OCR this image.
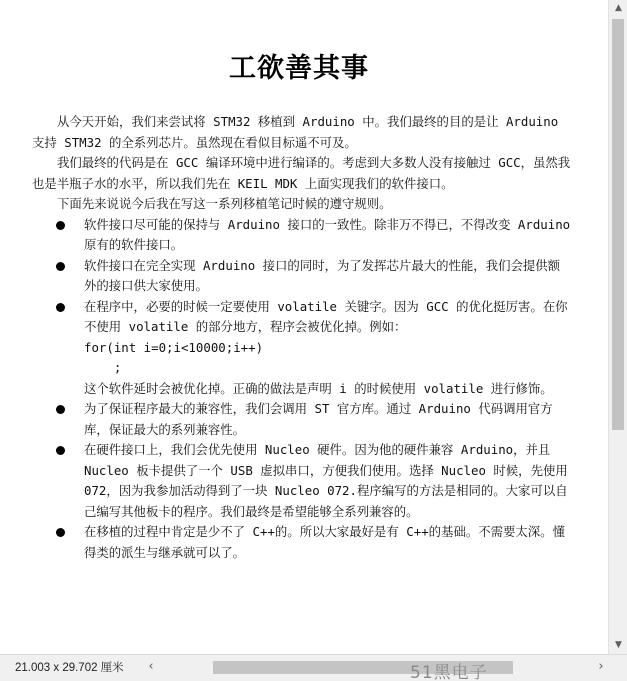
工欲善其事

从今天开始，我们来尝试将 STM32 移植到 Arduino 中。我们最终的目的是让 Arduino 支持 STM32 的全系列芯片。虽然现在看似目标遥不可及。

我们最终的代码是在 GCC 编译环境中进行编译的。考虑到大多数人没有接触过 GCC，虽然我也是半瓶子水的水平，所以我们先在 KEIL MDK 上面实现我们的软件接口。

下面先来说说今后我在写这一系列移植笔记时候的遵守规则。

软件接口尽可能的保持与 Arduino 接口的一致性。除非万不得已，不得改变 Arduino 原有的软件接口。
软件接口在完全实现 Arduino 接口的同时，为了发挥芯片最大的性能，我们会提供额外的接口供大家使用。
在程序中，必要的时候一定要使用 volatile 关键字。因为 GCC 的优化挺厉害。在你不使用 volatile 的部分地方，程序会被优化掉。例如：
for(int i=0;i<10000;i++)
;
这个软件延时会被优化掉。正确的做法是声明 i 的时候使用 volatile 进行修饰。
为了保证程序最大的兼容性，我们会调用 ST 官方库。通过 Arduino 代码调用官方库，保证最大的系列兼容性。
在硬件接口上，我们会优先使用 Nucleo 硬件。因为他的硬件兼容 Arduino，并且 Nucleo 板卡提供了一个 USB 虚拟串口，方便我们使用。选择 Nucleo 时候，先使用 072，因为我参加活动得到了一块 Nucleo 072.程序编写的方法是相同的。大家可以自己编写其他板卡的程序。我们最终是希望能够全系列兼容的。
在移植的过程中肯定是少不了 C++的。所以大家最好是有 C++的基础。不需要太深。懂得类的派生与继承就可以了。
▲
▼
21.003 x 29.702 厘米	‹	›
51黑电子
